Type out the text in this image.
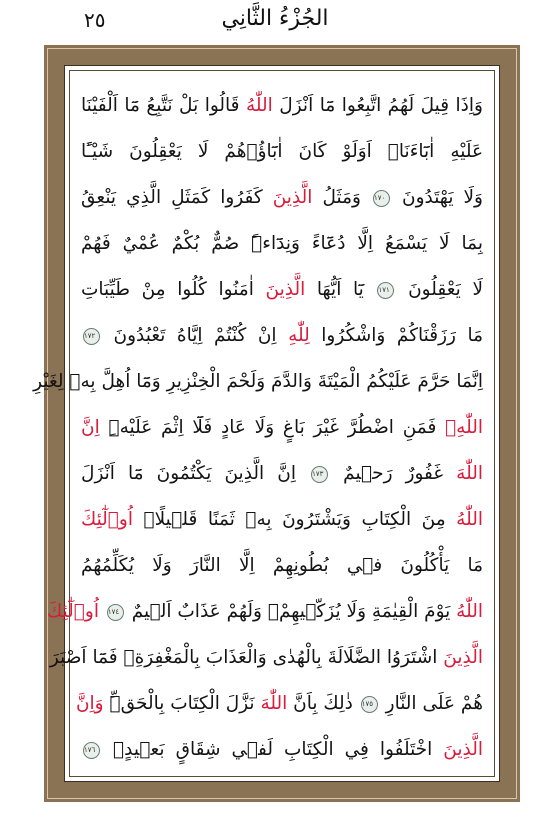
٢٥	الجُزْءُ الثَّانِي
وَاِذَا قِيلَ لَهُمُ اتَّبِعُوا مَٓا اَنْزَلَ اللّٰهُ قَالُوا بَلْ نَتَّبِعُ مَٓا اَلْفَيْنَا
عَلَيْهِ اٰبَٓاءَنَاۜ اَوَلَوْ كَانَ اٰبَٓاؤُ۬هُمْ لَا يَعْقِلُونَ شَيْـًٔا
وَلَا يَهْتَدُونَ ١٧٠ وَمَثَلُ الَّذِينَ كَفَرُوا كَمَثَلِ الَّذِي يَنْعِقُ
بِمَا لَا يَسْمَعُ اِلَّا دُعَٓاءً وَنِدَٓاءًۜ صُمٌّ بُكْمٌ عُمْيٌ فَهُمْ
لَا يَعْقِلُونَ ١٧١ يَٓا اَيُّهَا الَّذِينَ اٰمَنُوا كُلُوا مِنْ طَيِّبَاتِ
مَا رَزَقْنَاكُمْ وَاشْكُرُوا لِلّٰهِ اِنْ كُنْتُمْ اِيَّاهُ تَعْبُدُونَ ١٧٢
اِنَّمَا حَرَّمَ عَلَيْكُمُ الْمَيْتَةَ وَالدَّمَ وَلَحْمَ الْخِنْزِيرِ وَمَٓا اُهِلَّ بِهٖ لِغَيْرِ
اللّٰهِۚ فَمَنِ اضْطُرَّ غَيْرَ بَاغٍ وَلَا عَادٍ فَلَٓا اِثْمَ عَلَيْهِۜ اِنَّ
اللّٰهَ غَفُورٌ رَح۪يمٌ ١٧٣ اِنَّ الَّذِينَ يَكْتُمُونَ مَٓا اَنْزَلَ
اللّٰهُ مِنَ الْكِتَابِ وَيَشْتَرُونَ بِهٖ ثَمَنًا قَل۪يلًاۙ اُو۬لٰٓئِكَ
مَا يَأْكُلُونَ ف۪ي بُطُونِهِمْ اِلَّا النَّارَ وَلَا يُكَلِّمُهُمُ
اللّٰهُ يَوْمَ الْقِيٰمَةِ وَلَا يُزَكّ۪يهِمْۚ وَلَهُمْ عَذَابٌ اَل۪يمٌ ١٧٤ اُو۬لٰٓئِكَ
الَّذِينَ اشْتَرَوُا الضَّلَالَةَ بِالْهُدٰى وَالْعَذَابَ بِالْمَغْفِرَةِۚ فَمَٓا اَصْبَرَ
هُمْ عَلَى النَّارِ ١٧٥ ذٰلِكَ بِاَنَّ اللّٰهَ نَزَّلَ الْكِتَابَ بِالْحَقِّۜ وَاِنَّ
الَّذِينَ اخْتَلَفُوا فِي الْكِتَابِ لَف۪ي شِقَاقٍ بَع۪يدٍ۟ ١٧٦
